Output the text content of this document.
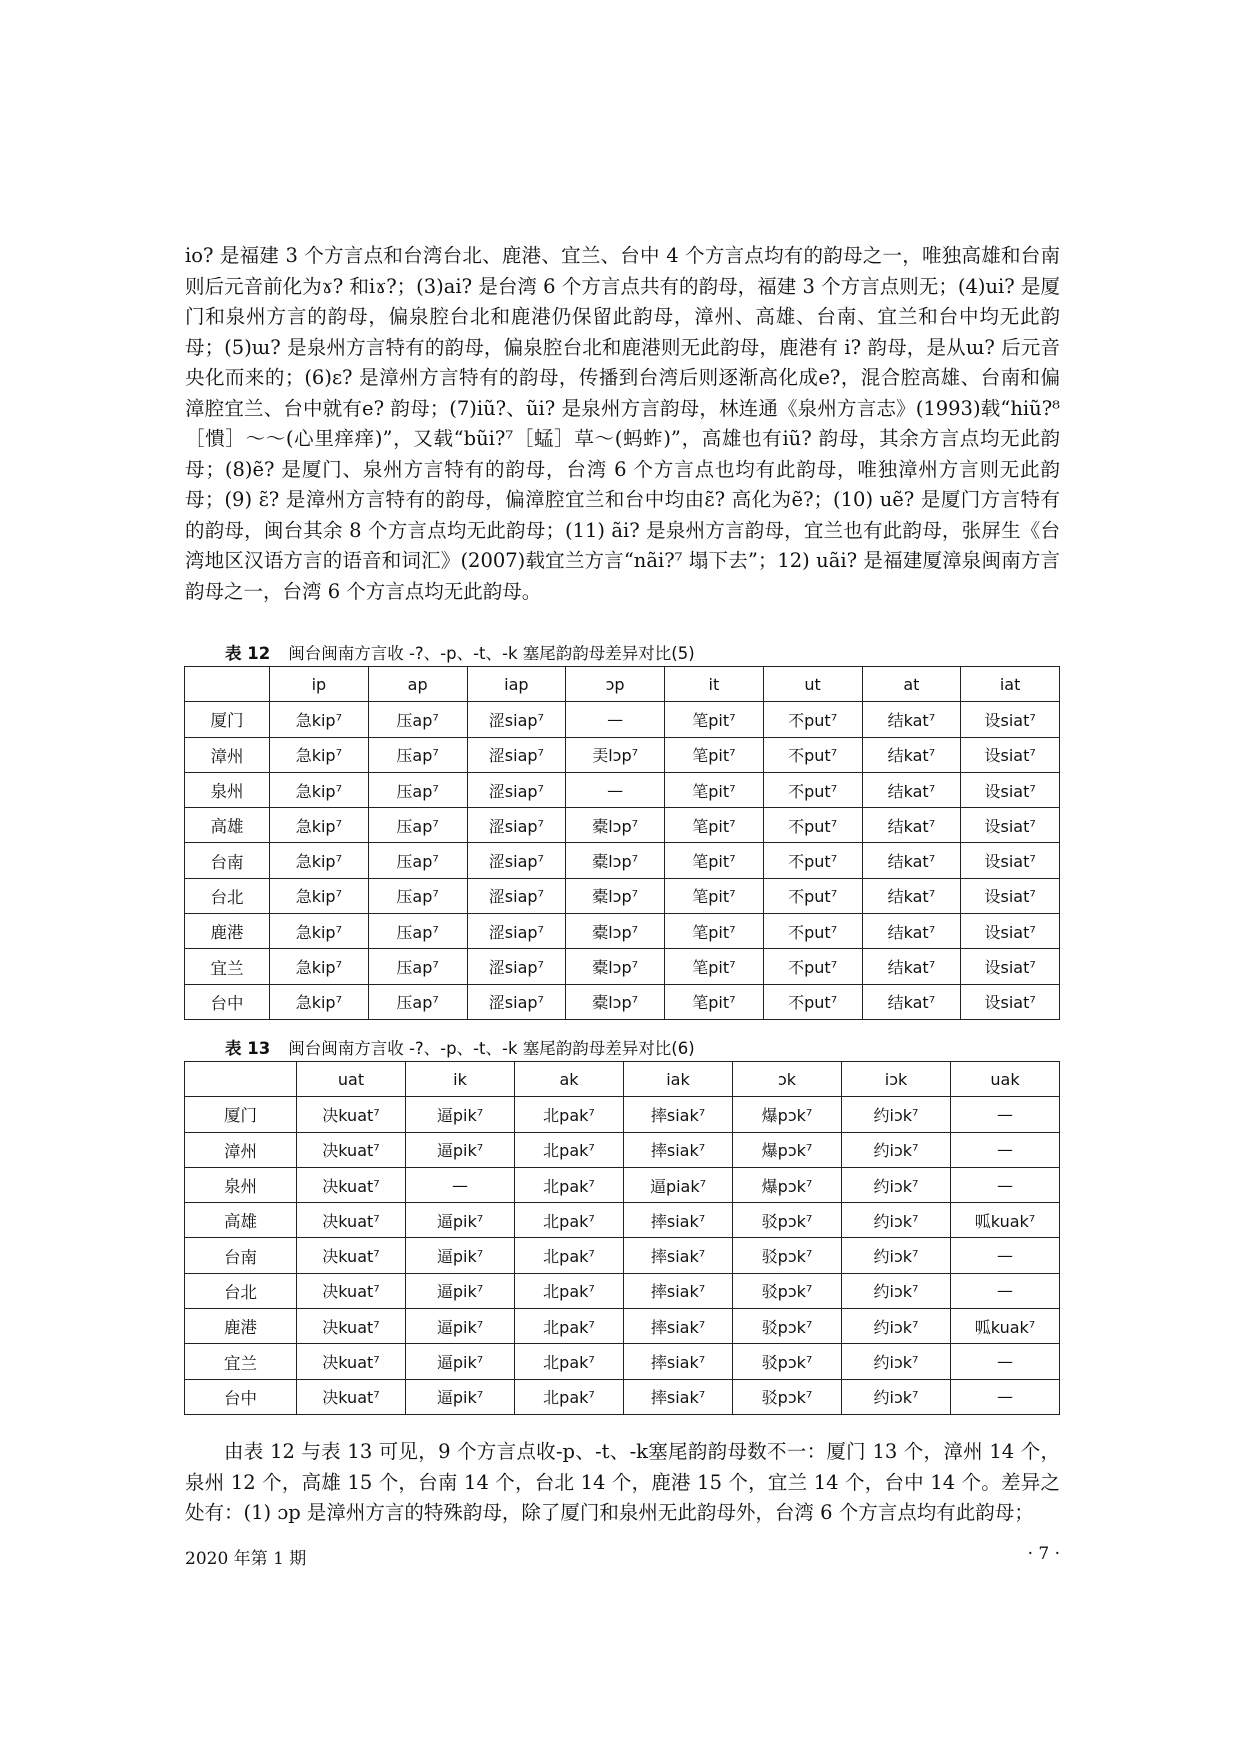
io? 是福建 3 个方言点和台湾台北、鹿港、宜兰、台中 4 个方言点均有的韵母之一，唯独高雄和台南则后元音前化为ɤ? 和iɤ?；(3)ai? 是台湾 6 个方言点共有的韵母，福建 3 个方言点则无；(4)ui? 是厦门和泉州方言的韵母，偏泉腔台北和鹿港仍保留此韵母，漳州、高雄、台南、宜兰和台中均无此韵母；(5)ɯ? 是泉州方言特有的韵母，偏泉腔台北和鹿港则无此韵母，鹿港有 i? 韵母，是从ɯ? 后元音央化而来的；(6)ɛ? 是漳州方言特有的韵母，传播到台湾后则逐渐高化成e?，混合腔高雄、台南和偏漳腔宜兰、台中就有e? 韵母；(7)iũ?、ũi? 是泉州方言韵母，林连通《泉州方言志》(1993)载“hiũ?⁸［憒］～～(心里痒痒)”，又载“bũi?⁷［蜢］草～(蚂蚱)”，高雄也有iũ? 韵母，其余方言点均无此韵母；(8)ẽ? 是厦门、泉州方言特有的韵母，台湾 6 个方言点也均有此韵母，唯独漳州方言则无此韵母；(9) ɛ̃? 是漳州方言特有的韵母，偏漳腔宜兰和台中均由ɛ̃? 高化为ẽ?；(10) uẽ? 是厦门方言特有的韵母，闽台其余 8 个方言点均无此韵母；(11) ãi? 是泉州方言韵母，宜兰也有此韵母，张屏生《台湾地区汉语方言的语音和词汇》(2007)载宜兰方言“nãi?⁷ 塌下去”；12) uãi? 是福建厦漳泉闽南方言韵母之一，台湾 6 个方言点均无此韵母。

表 12 闽台闽南方言收 -?、-p、-t、-k 塞尾韵韵母差异对比(5)
	ip	ap	iap	ɔp	it	ut	at	iat
厦门	急kip⁷	压ap⁷	涩siap⁷	—	笔pit⁷	不put⁷	结kat⁷	设siat⁷
漳州	急kip⁷	压ap⁷	涩siap⁷	㺯lɔp⁷	笔pit⁷	不put⁷	结kat⁷	设siat⁷
泉州	急kip⁷	压ap⁷	涩siap⁷	—	笔pit⁷	不put⁷	结kat⁷	设siat⁷
高雄	急kip⁷	压ap⁷	涩siap⁷	橐lɔp⁷	笔pit⁷	不put⁷	结kat⁷	设siat⁷
台南	急kip⁷	压ap⁷	涩siap⁷	橐lɔp⁷	笔pit⁷	不put⁷	结kat⁷	设siat⁷
台北	急kip⁷	压ap⁷	涩siap⁷	橐lɔp⁷	笔pit⁷	不put⁷	结kat⁷	设siat⁷
鹿港	急kip⁷	压ap⁷	涩siap⁷	橐lɔp⁷	笔pit⁷	不put⁷	结kat⁷	设siat⁷
宜兰	急kip⁷	压ap⁷	涩siap⁷	橐lɔp⁷	笔pit⁷	不put⁷	结kat⁷	设siat⁷
台中	急kip⁷	压ap⁷	涩siap⁷	橐lɔp⁷	笔pit⁷	不put⁷	结kat⁷	设siat⁷
表 13 闽台闽南方言收 -?、-p、-t、-k 塞尾韵韵母差异对比(6)
	uat	ik	ak	iak	ɔk	iɔk	uak
厦门	决kuat⁷	逼pik⁷	北pak⁷	摔siak⁷	爆pɔk⁷	约iɔk⁷	—
漳州	决kuat⁷	逼pik⁷	北pak⁷	摔siak⁷	爆pɔk⁷	约iɔk⁷	—
泉州	决kuat⁷	—	北pak⁷	逼piak⁷	爆pɔk⁷	约iɔk⁷	—
高雄	决kuat⁷	逼pik⁷	北pak⁷	摔siak⁷	驳pɔk⁷	约iɔk⁷	呱kuak⁷
台南	决kuat⁷	逼pik⁷	北pak⁷	摔siak⁷	驳pɔk⁷	约iɔk⁷	—
台北	决kuat⁷	逼pik⁷	北pak⁷	摔siak⁷	驳pɔk⁷	约iɔk⁷	—
鹿港	决kuat⁷	逼pik⁷	北pak⁷	摔siak⁷	驳pɔk⁷	约iɔk⁷	呱kuak⁷
宜兰	决kuat⁷	逼pik⁷	北pak⁷	摔siak⁷	驳pɔk⁷	约iɔk⁷	—
台中	决kuat⁷	逼pik⁷	北pak⁷	摔siak⁷	驳pɔk⁷	约iɔk⁷	—

由表 12 与表 13 可见，9 个方言点收-p、-t、-k塞尾韵韵母数不一：厦门 13 个，漳州 14 个，泉州 12 个，高雄 15 个，台南 14 个，台北 14 个，鹿港 15 个，宜兰 14 个，台中 14 个。差异之处有：(1) ɔp 是漳州方言的特殊韵母，除了厦门和泉州无此韵母外，台湾 6 个方言点均有此韵母；

2020 年第 1 期	· 7 ·
